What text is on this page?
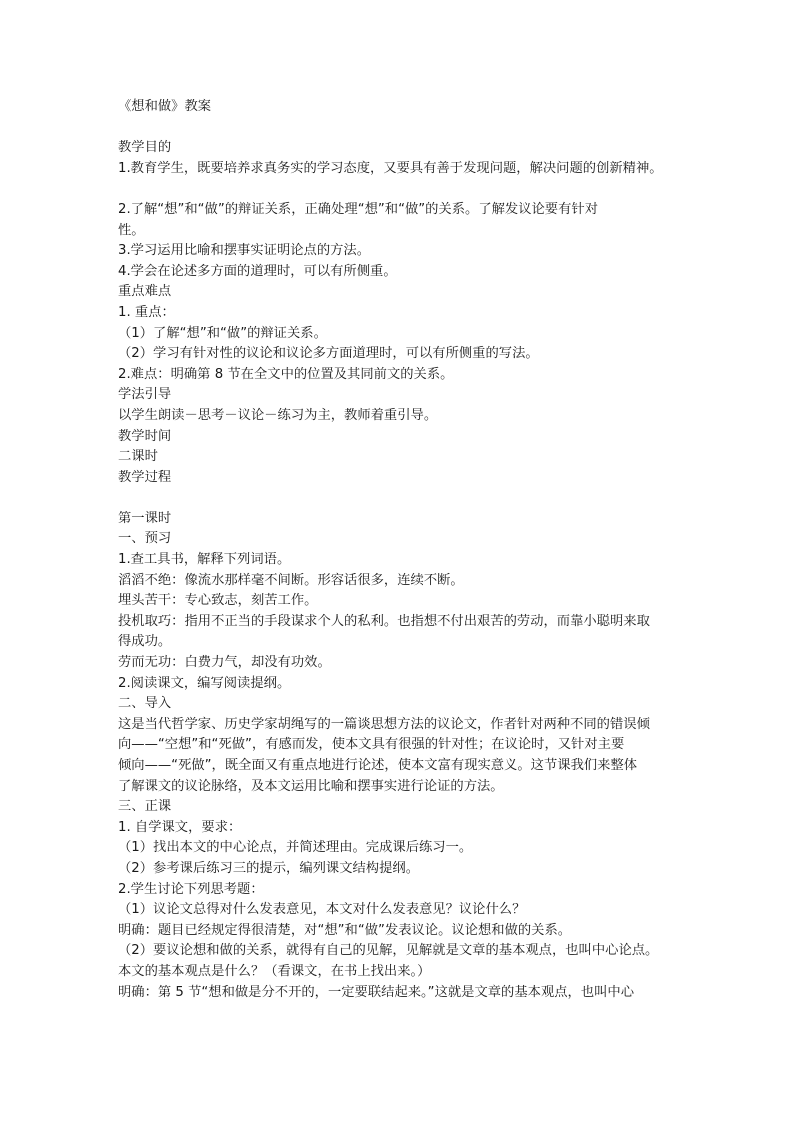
《想和做》教案
教学目的
1.教育学生，既要培养求真务实的学习态度，又要具有善于发现问题，解决问题的创新精神。
2.了解“想”和“做”的辩证关系，正确处理“想”和“做”的关系。了解发议论要有针对
性。
3.学习运用比喻和摆事实证明论点的方法。
4.学会在论述多方面的道理时，可以有所侧重。
重点难点
1. 重点：
（1）了解“想”和“做”的辩证关系。
（2）学习有针对性的议论和议论多方面道理时，可以有所侧重的写法。
2.难点：明确第 8 节在全文中的位置及其同前文的关系。
学法引导
以学生朗读－思考－议论－练习为主，教师着重引导。
教学时间
二课时
教学过程
第一课时
一、预习
1.查工具书，解释下列词语。
滔滔不绝：像流水那样毫不间断。形容话很多，连续不断。
埋头苦干：专心致志，刻苦工作。
投机取巧：指用不正当的手段谋求个人的私利。也指想不付出艰苦的劳动，而靠小聪明来取
得成功。
劳而无功：白费力气，却没有功效。
2.阅读课文，编写阅读提纲。
二、导入
这是当代哲学家、历史学家胡绳写的一篇谈思想方法的议论文，作者针对两种不同的错误倾
向——“空想”和“死做”，有感而发，使本文具有很强的针对性；在议论时，又针对主要
倾向——“死做”，既全面又有重点地进行论述，使本文富有现实意义。这节课我们来整体
了解课文的议论脉络，及本文运用比喻和摆事实进行论证的方法。
三、正课
1. 自学课文，要求：
（1）找出本文的中心论点，并简述理由。完成课后练习一。
（2）参考课后练习三的提示，编列课文结构提纲。
2.学生讨论下列思考题：
（1）议论文总得对什么发表意见，本文对什么发表意见？议论什么？
明确：题目已经规定得很清楚，对“想”和“做”发表议论。议论想和做的关系。
（2）要议论想和做的关系，就得有自己的见解，见解就是文章的基本观点，也叫中心论点。
本文的基本观点是什么？（看课文，在书上找出来。）
明确：第 5 节“想和做是分不开的，一定要联结起来。”这就是文章的基本观点，也叫中心
